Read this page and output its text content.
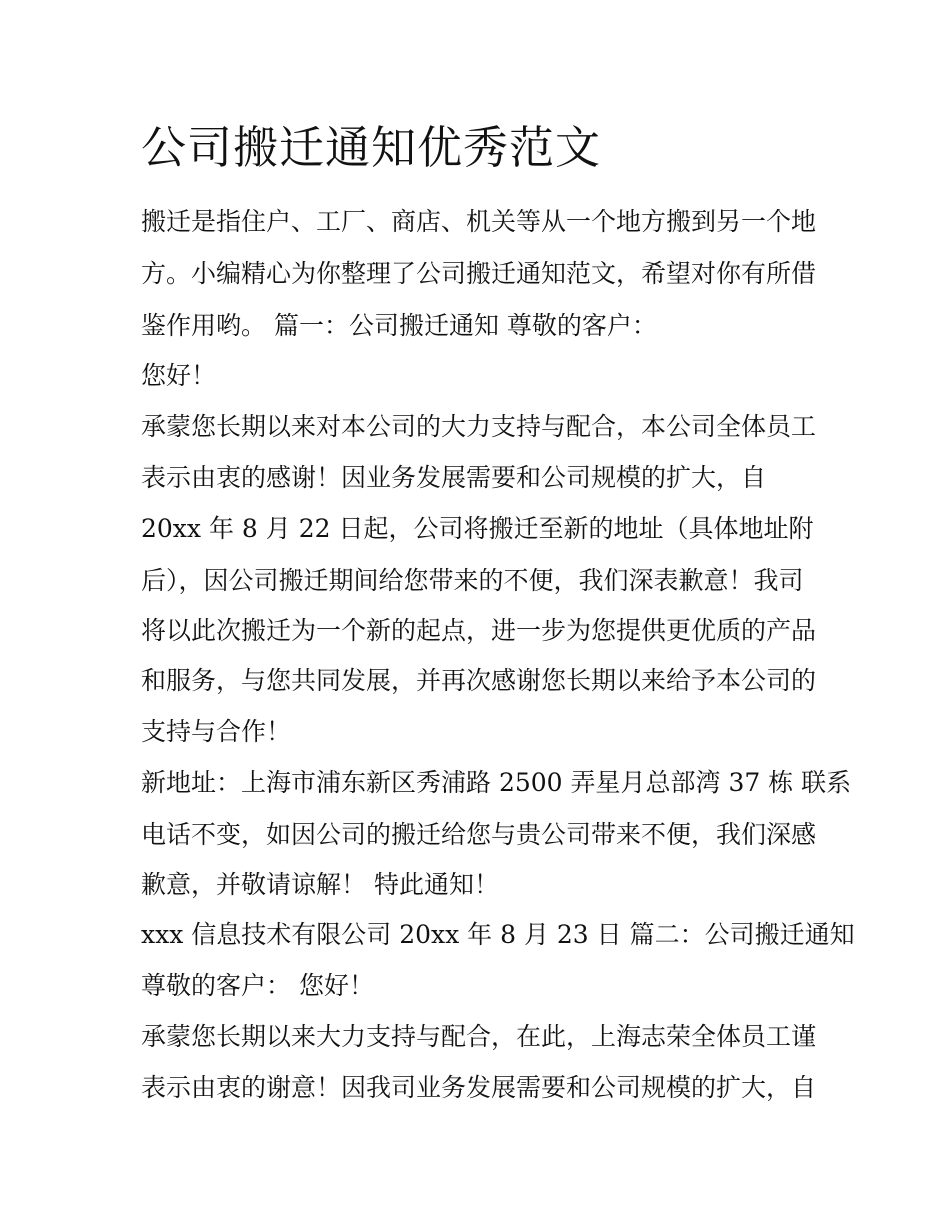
公司搬迁通知优秀范文
搬迁是指住户、工厂、商店、机关等从一个地方搬到另一个地
方。小编精心为你整理了公司搬迁通知范文，希望对你有所借
鉴作用哟。 篇一：公司搬迁通知 尊敬的客户：
您好！
承蒙您长期以来对本公司的大力支持与配合，本公司全体员工
表示由衷的感谢！因业务发展需要和公司规模的扩大，自
20xx 年 8 月 22 日起，公司将搬迁至新的地址（具体地址附
后），因公司搬迁期间给您带来的不便，我们深表歉意！我司
将以此次搬迁为一个新的起点，进一步为您提供更优质的产品
和服务，与您共同发展，并再次感谢您长期以来给予本公司的
支持与合作！
新地址：上海市浦东新区秀浦路 2500 弄星月总部湾 37 栋 联系
电话不变，如因公司的搬迁给您与贵公司带来不便，我们深感
歉意，并敬请谅解！ 特此通知！
xxx 信息技术有限公司 20xx 年 8 月 23 日 篇二：公司搬迁通知
尊敬的客户： 您好！
承蒙您长期以来大力支持与配合，在此，上海志荣全体员工谨
表示由衷的谢意！因我司业务发展需要和公司规模的扩大，自
